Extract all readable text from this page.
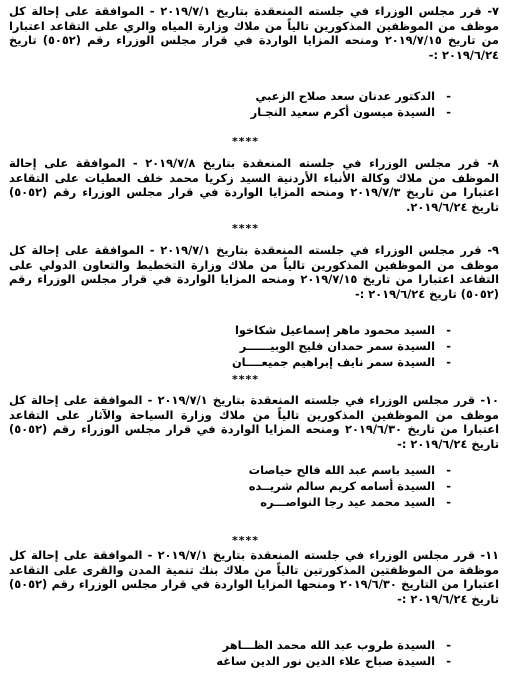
٧- قرر مجلس الوزراء في جلسته المنعقدة بتاريخ ٢٠١٩/٧/١ - الموافقة على إحالة كل موظف من الموظفين المذكورين تالياً من ملاك وزارة المياه والري على التقاعد اعتبارا من تاريخ ٢٠١٩/٧/١٥ ومنحه المزايا الواردة في قرار مجلس الوزراء رقم (٥٠٥٢) تاريخ ٢٠١٩/٦/٢٤ :-

- الدكتور عدنان سعد صلاح الزعبي
- السيدة ميسون أكرم سعيد النجـار
****

٨- قرر مجلس الوزراء في جلسته المنعقدة بتاريخ ٢٠١٩/٧/٨ - الموافقة على إحالة الموظف من ملاك وكالة الأنباء الأردنية السيد زكريا محمد خلف العطيات على التقاعد اعتبارا من تاريخ ٢٠١٩/٧/٣ ومنحه المزايا الواردة في قرار مجلس الوزراء رقم (٥٠٥٢) تاريخ ٢٠١٩/٦/٢٤.

****

٩- قرر مجلس الوزراء في جلسته المنعقدة بتاريخ ٢٠١٩/٧/١ - الموافقة على إحالة كل موظف من الموظفين المذكورين تالياً من ملاك وزارة التخطيط والتعاون الدولي على التقاعد اعتبارا من تاريخ ٢٠١٩/٧/١٥ ومنحه المزايا الواردة في قرار مجلس الوزراء رقم (٥٠٥٢) تاريخ ٢٠١٩/٦/٢٤ :-

- السيد محمود ماهر إسماعيل شكاخوا
- السيدة سمر حمدان فليح الوبيــــــر
- السيدة سمر نايف إبراهيم جميعــــان
****

١٠- قرر مجلس الوزراء في جلسته المنعقدة بتاريخ ٢٠١٩/٧/١ - الموافقة على إحالة كل موظف من الموظفين المذكورين تالياً من ملاك وزارة السياحة والآثار على التقاعد اعتبارا من تاريخ ٢٠١٩/٦/٣٠ ومنحه المزايا الواردة في قرار مجلس الوزراء رقم (٥٠٥٢) تاريخ ٢٠١٩/٦/٢٤ :-

- السيد باسم عبد الله فالح حياصات
- السيدة أسامه كريم سالم شريــده
- السيد محمد عيد رجا النواصـــره
****

١١- قرر مجلس الوزراء في جلسته المنعقدة بتاريخ ٢٠١٩/٧/١ - الموافقة على إحالة كل موظفة من الموظفتين المذكورتين تالياً من ملاك بنك تنمية المدن والقرى على التقاعد اعتبارا من التاريخ ٢٠١٩/٦/٣٠ ومنحها المزايا الواردة في قرار مجلس الوزراء رقم (٥٠٥٢) تاريخ ٢٠١٩/٦/٢٤ :-

- السيدة طروب عبد الله محمد الظـــاهر
- السيدة صباح علاء الدين نور الدين ساغه
